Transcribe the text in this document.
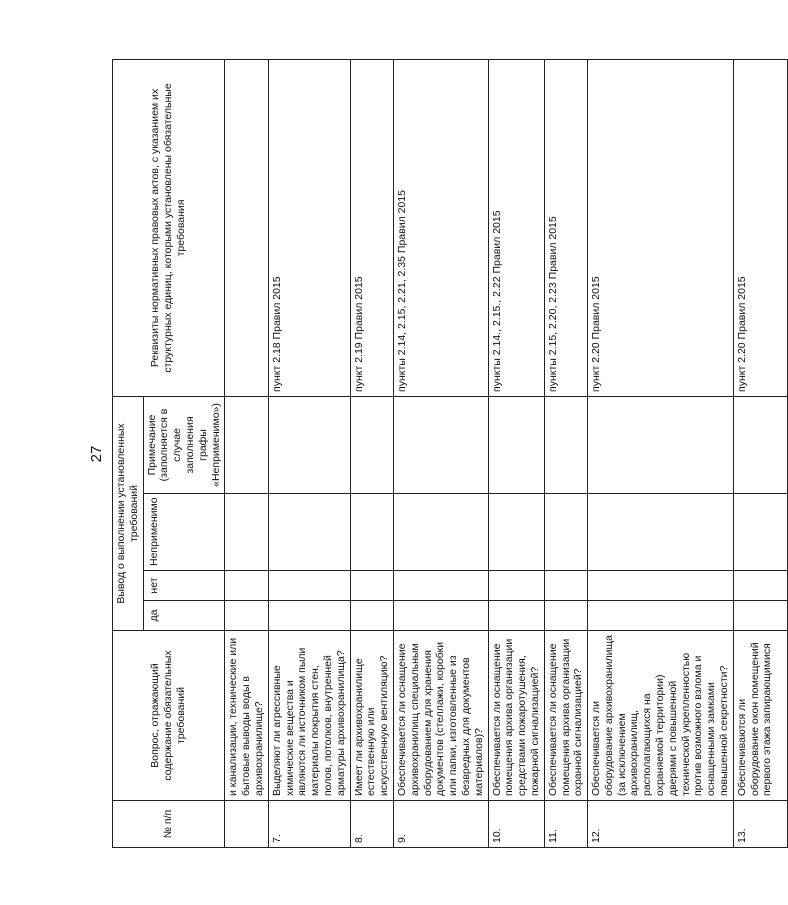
27
№ п/п	Вопрос, отражающий содержание обязательных требований	Вывод о выполнении установленных требований				Реквизиты нормативных правовых актов, с указанием их структурных единиц, которыми установлены обязательные требования
		да	нет	Неприменимо	Примечание (заполняется в случае заполнения графы «Неприменимо»)	
	и канализации, технические или бытовые выводы воды в архивохранилище?					
7.	Выделяют ли агрессивные химические вещества и являются ли источником пыли материалы покрытия стен, полов, потолков, внутренней арматуры архивохранилища?					пункт 2.18 Правил 2015
8.	Имеет ли архивохранилище естественную или искусственную вентиляцию?					пункт 2.19 Правил 2015
9.	Обеспечивается ли оснащение архивохранилищ специальным оборудованием для хранения документов (стеллажи, коробки или папки, изготовленные из безвредных для документов материалов)?					пункты 2.14, 2.15, 2.21, 2.35 Правил 2015
10.	Обеспечивается ли оснащение помещения архива организации средствами пожаротушения, пожарной сигнализацией?					пункты 2.14., 2.15., 2.22 Правил 2015
11.	Обеспечивается ли оснащение помещения архива организации охранной сигнализацией?					пункты 2.15, 2.20, 2.23 Правил 2015
12.	Обеспечивается ли оборудование архивохранилища (за исключением архивохранилищ, располагающихся на охраняемой территории) дверями с повышенной технической укрепленностью против возможного взлома и оснащенными замками повышенной секретности?					пункт 2.20 Правил 2015
13.	Обеспечиваются ли оборудование окон помещений первого этажа запирающимися					пункт 2.20 Правил 2015
